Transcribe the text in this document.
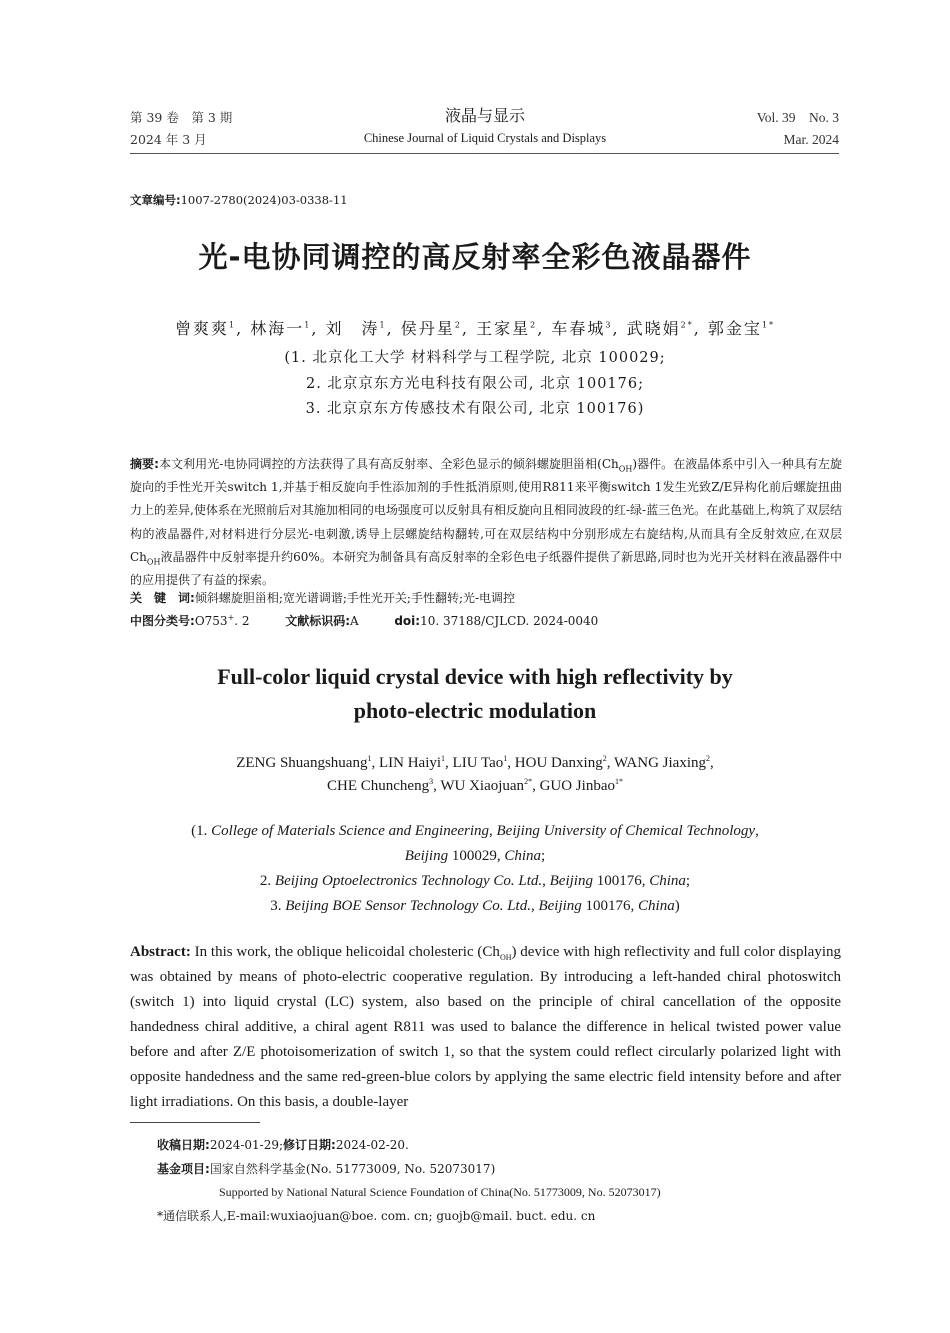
第 39 卷　第 3 期
2024 年 3 月
液晶与显示
Chinese Journal of Liquid Crystals and Displays
Vol. 39　No. 3
Mar. 2024
文章编号:1007-2780(2024)03-0338-11
光-电协同调控的高反射率全彩色液晶器件
曾爽爽$^1$, 林海一$^1$, 刘　涛$^1$, 侯丹星$^2$, 王家星$^2$, 车春城$^3$, 武晓娟$^{2*}$, 郭金宝$^{1*}$
(1. 北京化工大学 材料科学与工程学院, 北京 100029;
2. 北京京东方光电科技有限公司, 北京 100176;
3. 北京京东方传感技术有限公司, 北京 100176)
摘要:本文利用光-电协同调控的方法获得了具有高反射率、全彩色显示的倾斜螺旋胆甾相$(Ch_{OH})$器件。在液晶体系中引入一种具有左旋旋向的手性光开关switch 1,并基于相反旋向手性添加剂的手性抵消原则,使用R811来平衡switch 1发生光致Z/E异构化前后螺旋扭曲力上的差异,使体系在光照前后对其施加相同的电场强度可以反射具有相反旋向且相同波段的红-绿-蓝三色光。在此基础上,构筑了双层结构的液晶器件,对材料进行分层光-电刺激,诱导上层螺旋结构翻转,可在双层结构中分别形成左右旋结构,从而具有全反射效应,在双层$Ch_{OH}$液晶器件中反射率提升约60%。本研究为制备具有高反射率的全彩色电子纸器件提供了新思路,同时也为光开关材料在液晶器件中的应用提供了有益的探索。
关　键　词:倾斜螺旋胆甾相;宽光谱调谐;手性光开关;手性翻转;光-电调控
中图分类号:O753+. 2	文献标识码:A	doi:10. 37188/CJLCD. 2024-0040
Full-color liquid crystal device with high reflectivity by
photo-electric modulation
ZENG Shuangshuang$^1$, LIN Haiyi$^1$, LIU Tao$^1$, HOU Danxing$^2$, WANG Jiaxing$^2$,
CHE Chuncheng$^3$, WU Xiaojuan$^{2*}$, GUO Jinbao$^{1*}$
(1. College of Materials Science and Engineering, Beijing University of Chemical Technology,
Beijing 100029, China;
2. Beijing Optoelectronics Technology Co. Ltd., Beijing 100176, China;
3. Beijing BOE Sensor Technology Co. Ltd., Beijing 100176, China)
Abstract: In this work, the oblique helicoidal cholesteric $(Ch_{OH})$ device with high reflectivity and full color displaying was obtained by means of photo-electric cooperative regulation. By introducing a left-handed chiral photoswitch (switch 1) into liquid crystal (LC) system, also based on the principle of chiral cancellation of the opposite handedness chiral additive, a chiral agent R811 was used to balance the difference in helical twisted power value before and after Z/E photoisomerization of switch 1, so that the system could reflect circularly polarized light with opposite handedness and the same red-green-blue colors by applying the same electric field intensity before and after light irradiations. On this basis, a double-layer
收稿日期:2024-01-29;修订日期:2024-02-20.
基金项目:国家自然科学基金(No. 51773009, No. 52073017)
Supported by National Natural Science Foundation of China(No. 51773009, No. 52073017)
*通信联系人,E-mail:wuxiaojuan@boe. com. cn; guojb@mail. buct. edu. cn
